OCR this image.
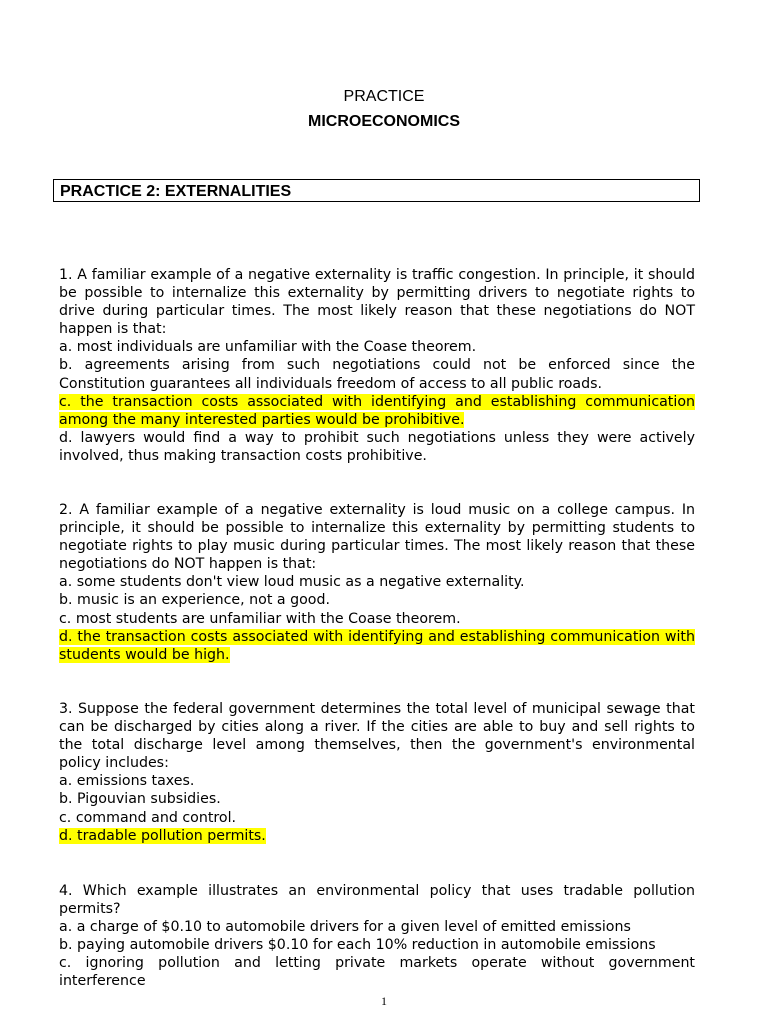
PRACTICE
MICROECONOMICS
PRACTICE 2: EXTERNALITIES

1. A familiar example of a negative externality is traffic congestion. In principle, it should be possible to internalize this externality by permitting drivers to negotiate rights to drive during particular times. The most likely reason that these negotiations do NOT happen is that:

a. most individuals are unfamiliar with the Coase theorem.

b. agreements arising from such negotiations could not be enforced since the Constitution guarantees all individuals freedom of access to all public roads.

c. the transaction costs associated with identifying and establishing communication among the many interested parties would be prohibitive.

d. lawyers would find a way to prohibit such negotiations unless they were actively involved, thus making transaction costs prohibitive.

2. A familiar example of a negative externality is loud music on a college campus. In principle, it should be possible to internalize this externality by permitting students to negotiate rights to play music during particular times. The most likely reason that these negotiations do NOT happen is that:

a. some students don't view loud music as a negative externality.

b. music is an experience, not a good.

c. most students are unfamiliar with the Coase theorem.

d. the transaction costs associated with identifying and establishing communication with students would be high.

3. Suppose the federal government determines the total level of municipal sewage that can be discharged by cities along a river. If the cities are able to buy and sell rights to the total discharge level among themselves, then the government's environmental policy includes:

a. emissions taxes.

b. Pigouvian subsidies.

c. command and control.

d. tradable pollution permits.

4. Which example illustrates an environmental policy that uses tradable pollution permits?

a. a charge of $0.10 to automobile drivers for a given level of emitted emissions

b. paying automobile drivers $0.10 for each 10% reduction in automobile emissions

c. ignoring pollution and letting private markets operate without government interference

1
